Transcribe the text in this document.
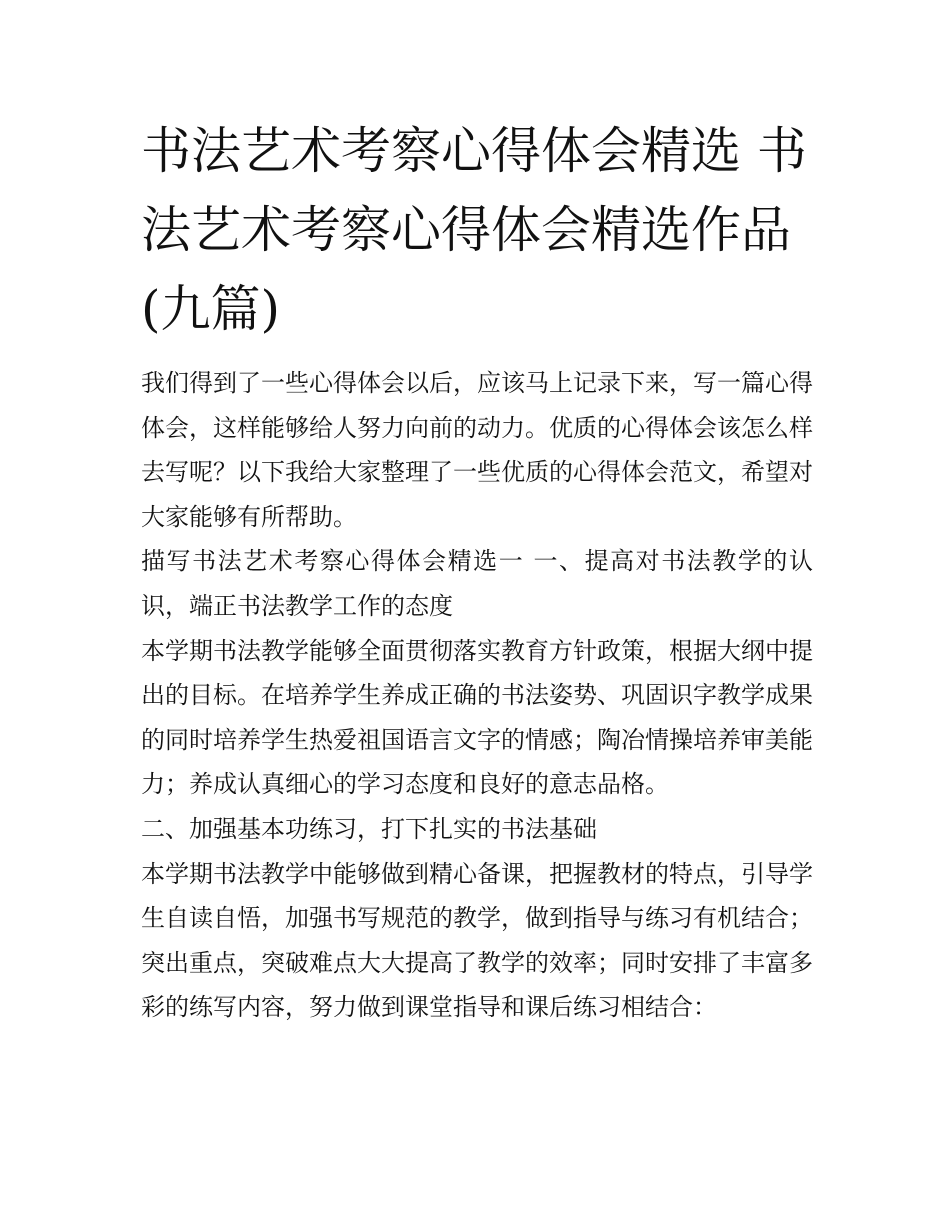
书法艺术考察心得体会精选 书法艺术考察心得体会精选作品(九篇)

我们得到了一些心得体会以后，应该马上记录下来，写一篇心得体会，这样能够给人努力向前的动力。优质的心得体会该怎么样去写呢？以下我给大家整理了一些优质的心得体会范文，希望对大家能够有所帮助。

描写书法艺术考察心得体会精选一 一、提高对书法教学的认识，端正书法教学工作的态度

本学期书法教学能够全面贯彻落实教育方针政策，根据大纲中提出的目标。在培养学生养成正确的书法姿势、巩固识字教学成果的同时培养学生热爱祖国语言文字的情感；陶冶情操培养审美能力；养成认真细心的学习态度和良好的意志品格。

二、加强基本功练习，打下扎实的书法基础

本学期书法教学中能够做到精心备课，把握教材的特点，引导学生自读自悟，加强书写规范的教学，做到指导与练习有机结合；突出重点，突破难点大大提高了教学的效率；同时安排了丰富多彩的练写内容，努力做到课堂指导和课后练习相结合：
